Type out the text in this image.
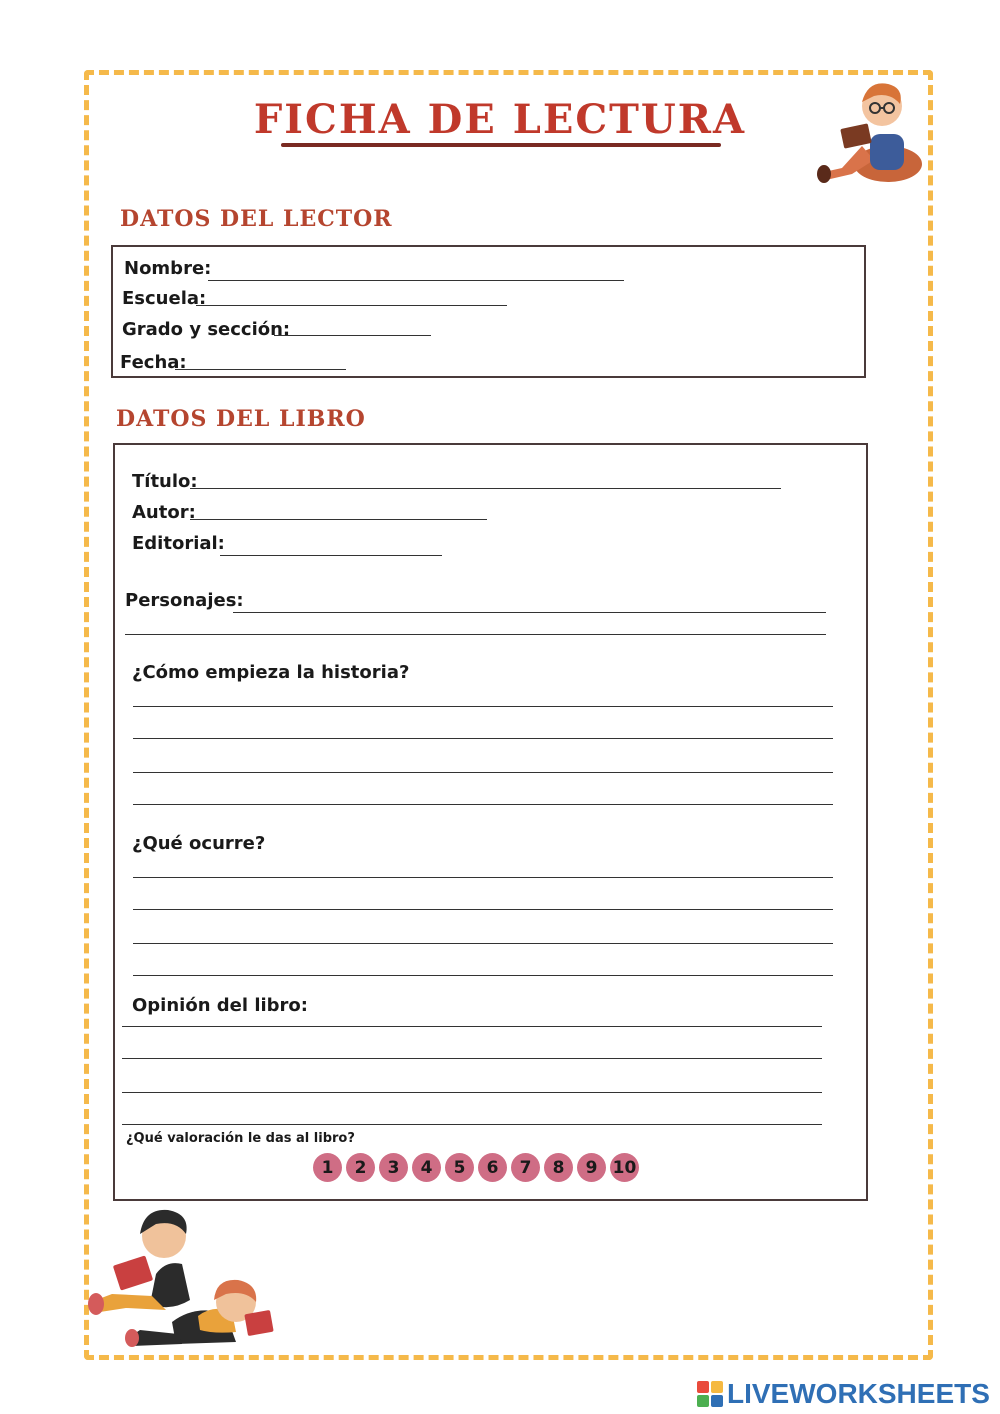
FICHA DE LECTURA
DATOS DEL LECTOR
Nombre:
Escuela:
Grado y sección:
Fecha:
DATOS DEL LIBRO
Título:
Autor:
Editorial:
Personajes:
¿Cómo empieza la historia?
¿Qué ocurre?
Opinión del libro:
¿Qué valoración le das al libro?
1	2	3	4	5	6	7	8	9 10
LIVEWORKSHEETS
